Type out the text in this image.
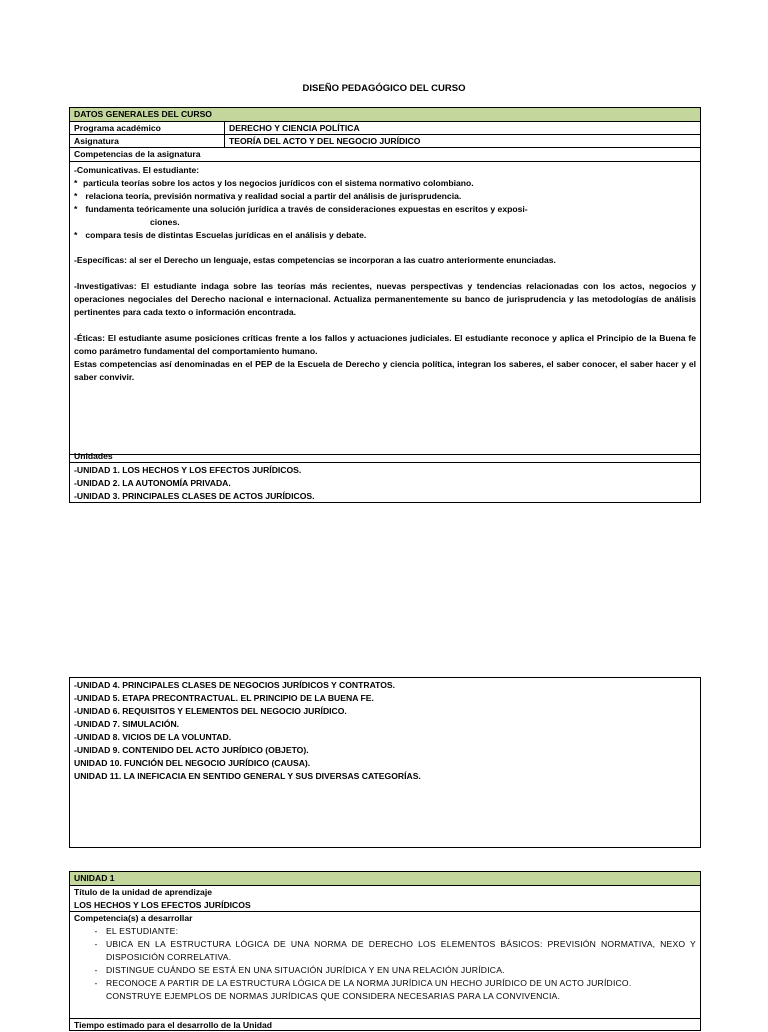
DISEÑO PEDAGÓGICO DEL CURSO
DATOS GENERALES DEL CURSO
Programa académico	DERECHO Y CIENCIA POLÍTICA
Asignatura	TEORÍA DEL ACTO Y DEL NEGOCIO JURÍDICO
Competencias de la asignatura
-Comunicativas. El estudiante:
* particula teorías sobre los actos y los negocios jurídicos con el sistema normativo colombiano.
* relaciona teoría, previsión normativa y realidad social a partir del análisis de jurisprudencia.
* fundamenta teóricamente una solución jurídica a través de consideraciones expuestas en escritos y exposi-
ciones.
* compara tesis de distintas Escuelas jurídicas en el análisis y debate.
-Específicas: al ser el Derecho un lenguaje, estas competencias se incorporan a las cuatro anteriormente enunciadas.
-Investigativas: El estudiante indaga sobre las teorías más recientes, nuevas perspectivas y tendencias relacionadas con los actos, negocios y operaciones negociales del Derecho nacional e internacional. Actualiza permanentemente su banco de jurisprudencia y las metodologías de análisis pertinentes para cada texto o información encontrada.
-Éticas: El estudiante asume posiciones críticas frente a los fallos y actuaciones judiciales. El estudiante reconoce y aplica el Principio de la Buena fe como parámetro fundamental del comportamiento humano.
Estas competencias así denominadas en el PEP de la Escuela de Derecho y ciencia política, integran los saberes, el saber conocer, el saber hacer y el saber convivir.
Unidades
-UNIDAD 1. LOS HECHOS Y LOS EFECTOS JURÍDICOS.
-UNIDAD 2. LA AUTONOMÍA PRIVADA.
-UNIDAD 3. PRINCIPALES CLASES DE ACTOS JURÍDICOS.
-UNIDAD 4. PRINCIPALES CLASES DE NEGOCIOS JURÍDICOS Y CONTRATOS.
-UNIDAD 5. ETAPA PRECONTRACTUAL. EL PRINCIPIO DE LA BUENA FE.
-UNIDAD 6. REQUISITOS Y ELEMENTOS DEL NEGOCIO JURÍDICO.
-UNIDAD 7. SIMULACIÓN.
-UNIDAD 8. VICIOS DE LA VOLUNTAD.
-UNIDAD 9. CONTENIDO DEL ACTO JURÍDICO (OBJETO).
UNIDAD 10. FUNCIÓN DEL NEGOCIO JURÍDICO (CAUSA).
UNIDAD 11. LA INEFICACIA EN SENTIDO GENERAL Y SUS DIVERSAS CATEGORÍAS.
UNIDAD 1
Título de la unidad de aprendizaje
LOS HECHOS Y LOS EFECTOS JURÍDICOS
Competencia(s) a desarrollar
- EL ESTUDIANTE:
- UBICA EN LA ESTRUCTURA LÓGICA DE UNA NORMA DE DERECHO LOS ELEMENTOS BÁSICOS: PREVISIÓN NORMATIVA, NEXO Y DISPOSICIÓN CORRELATIVA.
- DISTINGUE CUÁNDO SE ESTÁ EN UNA SITUACIÓN JURÍDICA Y EN UNA RELACIÓN JURÍDICA.
- RECONOCE A PARTIR DE LA ESTRUCTURA LÓGICA DE LA NORMA JURÍDICA UN HECHO JURÍDICO DE UN ACTO JURÍDICO.
CONSTRUYE EJEMPLOS DE NORMAS JURÍDICAS QUE CONSIDERA NECESARIAS PARA LA CONVIVENCIA.
Tiempo estimado para el desarrollo de la Unidad
